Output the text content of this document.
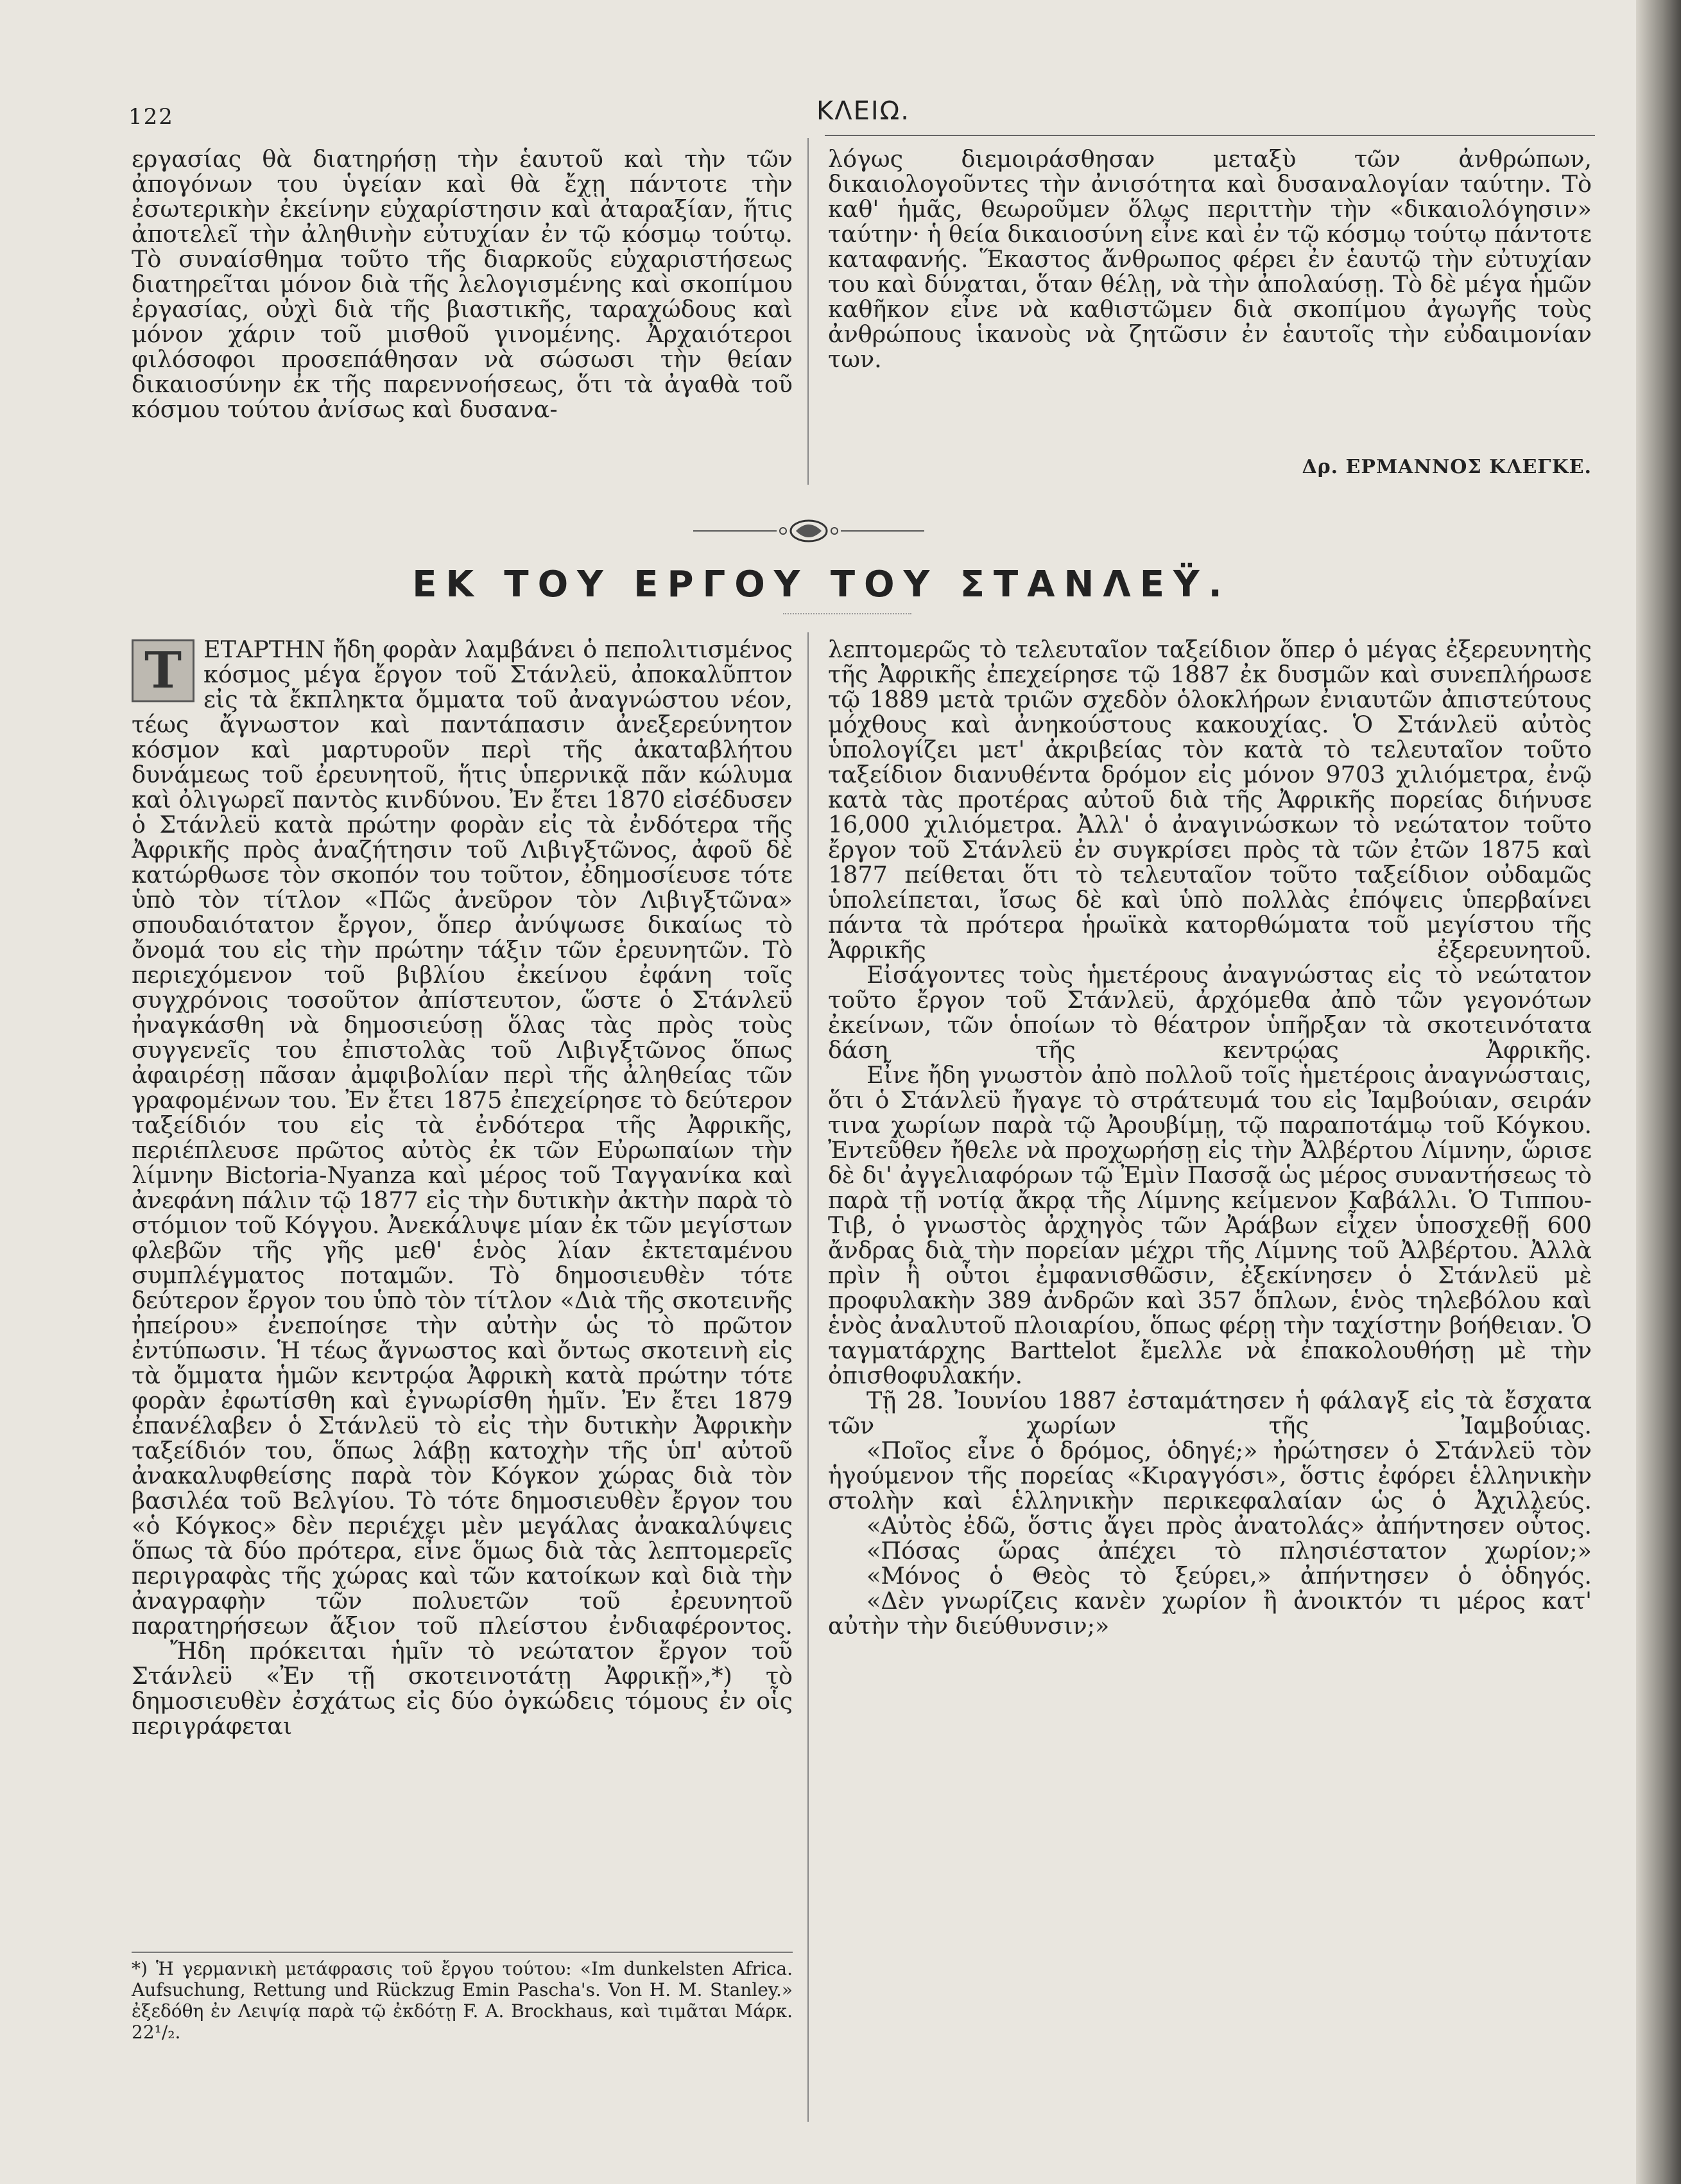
122	ΚΛΕΙΩ.

εργασίας θὰ διατηρήσῃ τὴν ἑαυτοῦ καὶ τὴν τῶν ἀπογόνων του ὑγείαν καὶ θὰ ἔχῃ πάντοτε τὴν ἐσωτερικὴν ἐκείνην εὐχαρίστησιν καὶ ἀταραξίαν, ἥτις ἀποτελεῖ τὴν ἀληθινὴν εὐτυχίαν ἐν τῷ κόσμῳ τούτῳ. Τὸ συναίσθημα τοῦτο τῆς διαρκοῦς εὐχαριστήσεως διατηρεῖται μόνον διὰ τῆς λελογισμένης καὶ σκοπίμου ἐργασίας, οὐχὶ διὰ τῆς βιαστικῆς, ταραχώδους καὶ μόνον χάριν τοῦ μισθοῦ γινομένης. Ἀρχαιότεροι φιλόσοφοι προσεπάθησαν νὰ σώσωσι τὴν θείαν δικαιοσύνην ἐκ τῆς παρεννοήσεως, ὅτι τὰ ἀγαθὰ τοῦ κόσμου τούτου ἀνίσως καὶ δυσανα-

λόγως διεμοιράσθησαν μεταξὺ τῶν ἀνθρώπων, δικαιολογοῦντες τὴν ἀνισότητα καὶ δυσαναλογίαν ταύτην. Τὸ καθ' ἡμᾶς, θεωροῦμεν ὅλως περιττὴν τὴν «δικαιολόγησιν» ταύτην· ἡ θεία δικαιοσύνη εἶνε καὶ ἐν τῷ κόσμῳ τούτῳ πάντοτε καταφανής. Ἕκαστος ἄνθρωπος φέρει ἐν ἑαυτῷ τὴν εὐτυχίαν του καὶ δύναται, ὅταν θέλῃ, νὰ τὴν ἀπολαύσῃ. Τὸ δὲ μέγα ἡμῶν καθῆκον εἶνε νὰ καθιστῶμεν διὰ σκοπίμου ἀγωγῆς τοὺς ἀνθρώπους ἱκανοὺς νὰ ζητῶσιν ἐν ἑαυτοῖς τὴν εὐδαιμονίαν των.

Δρ. ΕΡΜΑΝΝΟΣ ΚΛΕΓΚΕ.
ΕΚ ΤΟΥ ΕΡΓΟΥ ΤΟΥ ΣΤΑΝΛΕΫ.

Τ ΕΤΑΡΤΗΝ ἤδη φορὰν λαμβάνει ὁ πεπολιτισμένος κόσμος μέγα ἔργον τοῦ Στάνλεϋ, ἀποκαλῦπτον εἰς τὰ ἔκπληκτα ὄμματα τοῦ ἀναγνώστου νέον, τέως ἄγνωστον καὶ παντάπασιν ἀνεξερεύνητον κόσμον καὶ μαρτυροῦν περὶ τῆς ἀκαταβλήτου δυνάμεως τοῦ ἐρευνητοῦ, ἥτις ὑπερνικᾷ πᾶν κώλυμα καὶ ὀλιγωρεῖ παντὸς κινδύνου. Ἐν ἔτει 1870 εἰσέδυσεν ὁ Στάνλεϋ κατὰ πρώτην φορὰν εἰς τὰ ἐνδότερα τῆς Ἀφρικῆς πρὸς ἀναζήτησιν τοῦ Λιβιγξτῶνος, ἀφοῦ δὲ κατώρθωσε τὸν σκοπόν του τοῦτον, ἐδημοσίευσε τότε ὑπὸ τὸν τίτλον «Πῶς ἀνεῦρον τὸν Λιβιγξτῶνα» σπουδαιότατον ἔργον, ὅπερ ἀνύψωσε δικαίως τὸ ὄνομά του εἰς τὴν πρώτην τάξιν τῶν ἐρευνητῶν. Τὸ περιεχόμενον τοῦ βιβλίου ἐκείνου ἐφάνη τοῖς συγχρόνοις τοσοῦτον ἀπίστευτον, ὥστε ὁ Στάνλεϋ ἠναγκάσθη νὰ δημοσιεύσῃ ὅλας τὰς πρὸς τοὺς συγγενεῖς του ἐπιστολὰς τοῦ Λιβιγξτῶνος ὅπως ἀφαιρέσῃ πᾶσαν ἀμφιβολίαν περὶ τῆς ἀληθείας τῶν γραφομένων του. Ἐν ἔτει 1875 ἐπεχείρησε τὸ δεύτερον ταξείδιόν του εἰς τὰ ἐνδότερα τῆς Ἀφρικῆς, περιέπλευσε πρῶτος αὐτὸς ἐκ τῶν Εὐρωπαίων τὴν λίμνην Bictoria-Nyanza καὶ μέρος τοῦ Ταγγανίκα καὶ ἀνεφάνη πάλιν τῷ 1877 εἰς τὴν δυτικὴν ἀκτὴν παρὰ τὸ στόμιον τοῦ Κόγγου. Ἀνεκάλυψε μίαν ἐκ τῶν μεγίστων φλεβῶν τῆς γῆς μεθ' ἑνὸς λίαν ἐκτεταμένου συμπλέγματος ποταμῶν. Τὸ δημοσιευθὲν τότε δεύτερον ἔργον του ὑπὸ τὸν τίτλον «Διὰ τῆς σκοτεινῆς ἠπείρου» ἐνεποίησε τὴν αὐτὴν ὡς τὸ πρῶτον ἐντύπωσιν. Ἡ τέως ἄγνωστος καὶ ὄντως σκοτεινὴ εἰς τὰ ὄμματα ἡμῶν κεντρῴα Ἀφρικὴ κατὰ πρώτην τότε φορὰν ἐφωτίσθη καὶ ἐγνωρίσθη ἡμῖν. Ἐν ἔτει 1879 ἐπανέλαβεν ὁ Στάνλεϋ τὸ εἰς τὴν δυτικὴν Ἀφρικὴν ταξείδιόν του, ὅπως λάβῃ κατοχὴν τῆς ὑπ' αὐτοῦ ἀνακαλυφθείσης παρὰ τὸν Κόγκον χώρας διὰ τὸν βασιλέα τοῦ Βελγίου. Τὸ τότε δημοσιευθὲν ἔργον του «ὁ Κόγκος» δὲν περιέχει μὲν μεγάλας ἀνακαλύψεις ὅπως τὰ δύο πρότερα, εἶνε ὅμως διὰ τὰς λεπτομερεῖς περιγραφὰς τῆς χώρας καὶ τῶν κατοίκων καὶ διὰ τὴν ἀναγραφὴν τῶν πολυετῶν τοῦ ἐρευνητοῦ παρατηρήσεων ἄξιον τοῦ πλείστου ἐνδιαφέροντος.

Ἤδη πρόκειται ἡμῖν τὸ νεώτατον ἔργον τοῦ Στάνλεϋ «Ἐν τῇ σκοτεινοτάτῃ Ἀφρικῇ»,*) τὸ δημοσιευθὲν ἐσχάτως εἰς δύο ὀγκώδεις τόμους ἐν οἷς περιγράφεται

*) Ἡ γερμανικὴ μετάφρασις τοῦ ἔργου τούτου: «Im dunkelsten Africa. Aufsuchung, Rettung und Rückzug Emin Pascha's. Von H. M. Stanley.» ἐξεδόθη ἐν Λειψίᾳ παρὰ τῷ ἐκδότῃ F. A. Brockhaus, καὶ τιμᾶται Μάρκ. 22¹/₂.

λεπτομερῶς τὸ τελευταῖον ταξείδιον ὅπερ ὁ μέγας ἐξερευνητὴς τῆς Ἀφρικῆς ἐπεχείρησε τῷ 1887 ἐκ δυσμῶν καὶ συνεπλήρωσε τῷ 1889 μετὰ τριῶν σχεδὸν ὁλοκλήρων ἐνιαυτῶν ἀπιστεύτους μόχθους καὶ ἀνηκούστους κακουχίας. Ὁ Στάνλεϋ αὐτὸς ὑπολογίζει μετ' ἀκριβείας τὸν κατὰ τὸ τελευταῖον τοῦτο ταξείδιον διανυθέντα δρόμον εἰς μόνον 9703 χιλιόμετρα, ἐνῷ κατὰ τὰς προτέρας αὐτοῦ διὰ τῆς Ἀφρικῆς πορείας διήνυσε 16,000 χιλιόμετρα. Ἀλλ' ὁ ἀναγινώσκων τὸ νεώτατον τοῦτο ἔργον τοῦ Στάνλεϋ ἐν συγκρίσει πρὸς τὰ τῶν ἐτῶν 1875 καὶ 1877 πείθεται ὅτι τὸ τελευταῖον τοῦτο ταξείδιον οὐδαμῶς ὑπολείπεται, ἴσως δὲ καὶ ὑπὸ πολλὰς ἐπόψεις ὑπερβαίνει πάντα τὰ πρότερα ἡρωϊκὰ κατορθώματα τοῦ μεγίστου τῆς Ἀφρικῆς ἐξερευνητοῦ.

Εἰσάγοντες τοὺς ἡμετέρους ἀναγνώστας εἰς τὸ νεώτατον τοῦτο ἔργον τοῦ Στάνλεϋ, ἀρχόμεθα ἀπὸ τῶν γεγονότων ἐκείνων, τῶν ὁποίων τὸ θέατρον ὑπῆρξαν τὰ σκοτεινότατα δάση τῆς κεντρῴας Ἀφρικῆς.

Εἶνε ἤδη γνωστὸν ἀπὸ πολλοῦ τοῖς ἡμετέροις ἀναγνώσταις, ὅτι ὁ Στάνλεϋ ἤγαγε τὸ στράτευμά του εἰς Ἰαμβούιαν, σειράν τινα χωρίων παρὰ τῷ Ἀρουβίμῃ, τῷ παραποτάμῳ τοῦ Κόγκου. Ἐντεῦθεν ἤθελε νὰ προχωρήσῃ εἰς τὴν Ἀλβέρτου Λίμνην, ὥρισε δὲ δι' ἀγγελιαφόρων τῷ Ἐμὶν Πασσᾷ ὡς μέρος συναντήσεως τὸ παρὰ τῇ νοτίᾳ ἄκρᾳ τῆς Λίμνης κείμενον Καβάλλι. Ὁ Τιππου-Τιβ, ὁ γνωστὸς ἀρχηγὸς τῶν Ἀράβων εἶχεν ὑποσχεθῇ 600 ἄνδρας διὰ τὴν πορείαν μέχρι τῆς Λίμνης τοῦ Ἀλβέρτου. Ἀλλὰ πρὶν ἢ οὗτοι ἐμφανισθῶσιν, ἐξεκίνησεν ὁ Στάνλεϋ μὲ προφυλακὴν 389 ἀνδρῶν καὶ 357 ὅπλων, ἑνὸς τηλεβόλου καὶ ἑνὸς ἀναλυτοῦ πλοιαρίου, ὅπως φέρῃ τὴν ταχίστην βοήθειαν. Ὁ ταγματάρχης Barttelot ἔμελλε νὰ ἐπακολουθήσῃ μὲ τὴν ὀπισθοφυλακήν.

Τῇ 28. Ἰουνίου 1887 ἐσταμάτησεν ἡ φάλαγξ εἰς τὰ ἔσχατα τῶν χωρίων τῆς Ἰαμβούιας.

«Ποῖος εἶνε ὁ δρόμος, ὁδηγέ;» ἠρώτησεν ὁ Στάνλεϋ τὸν ἡγούμενον τῆς πορείας «Κιραγγόσι», ὅστις ἐφόρει ἑλληνικὴν στολὴν καὶ ἑλληνικὴν περικεφαλαίαν ὡς ὁ Ἀχιλλεύς.

«Αὐτὸς ἐδῶ, ὅστις ἄγει πρὸς ἀνατολάς» ἀπήντησεν οὗτος.

«Πόσας ὥρας ἀπέχει τὸ πλησιέστατον χωρίον;»

«Μόνος ὁ Θεὸς τὸ ξεύρει,» ἀπήντησεν ὁ ὁδηγός.

«Δὲν γνωρίζεις κανὲν χωρίον ἢ ἀνοικτόν τι μέρος κατ' αὐτὴν τὴν διεύθυνσιν;»
